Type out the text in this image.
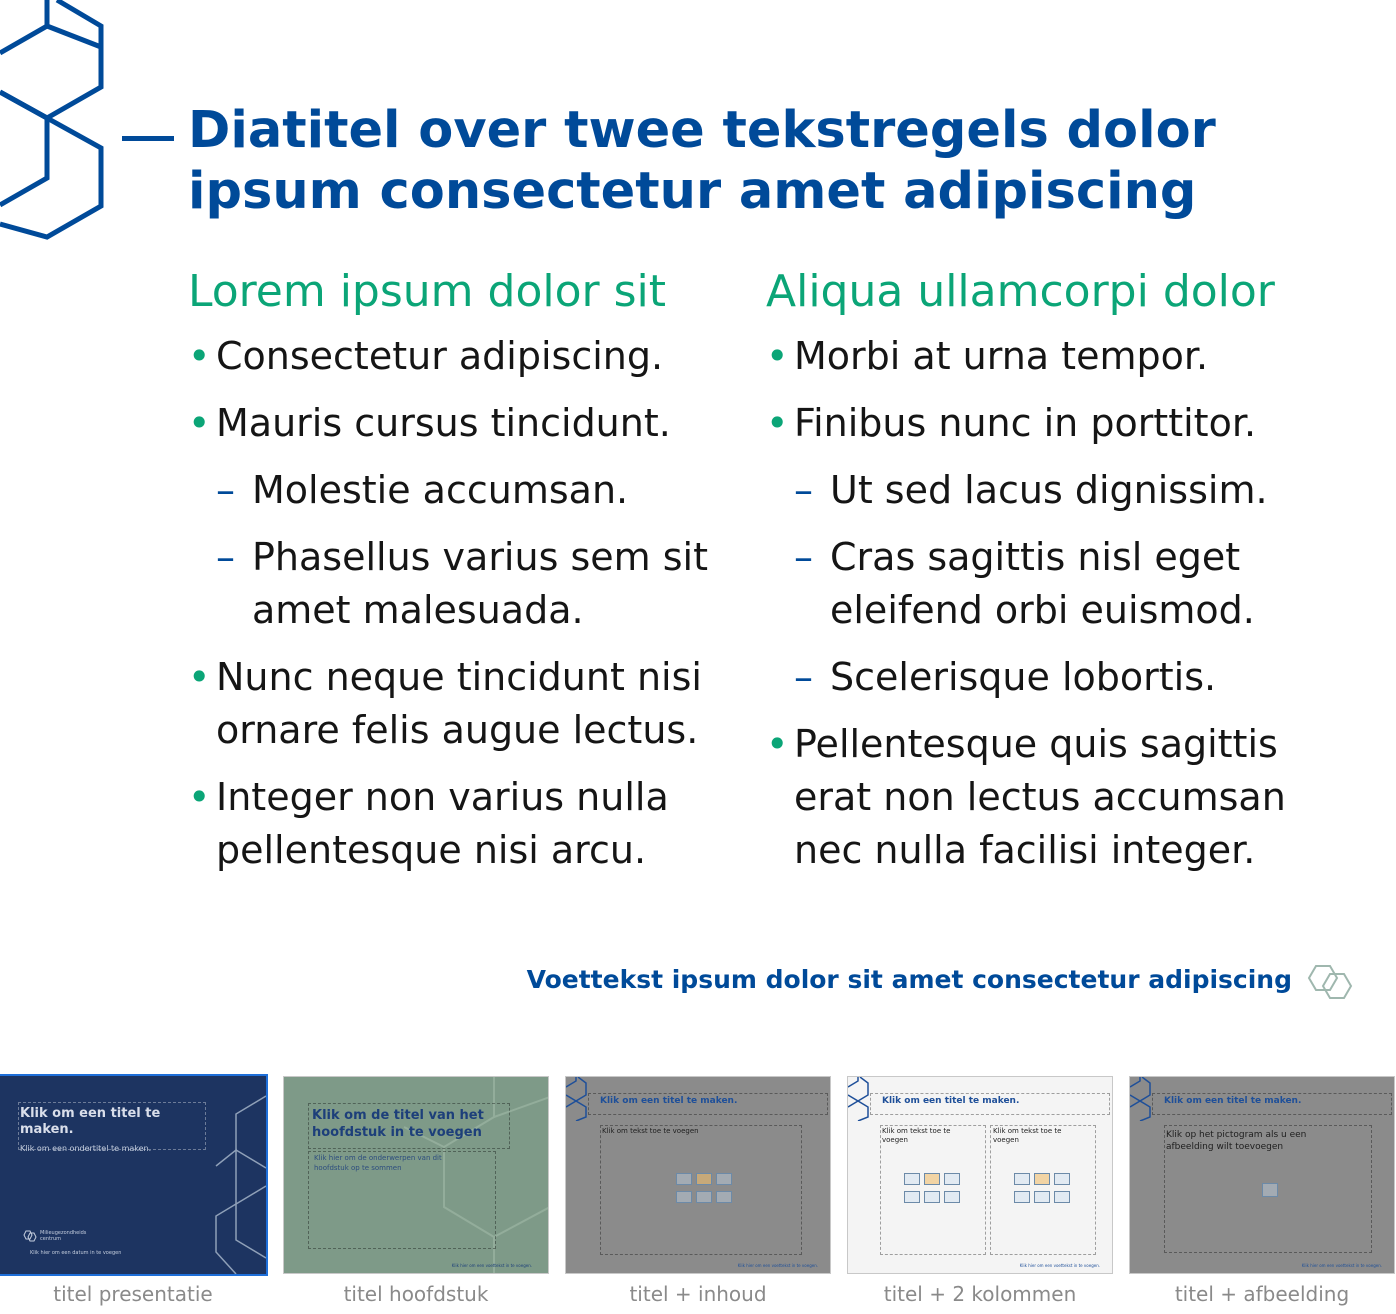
Diatitel over twee tekstregels dolor ipsum consectetur amet adipiscing
Lorem ipsum dolor sit
• Consectetur adipiscing.
• Mauris cursus tincidunt.
– Molestie accumsan.
– Phasellus varius sem sit amet malesuada.
• Nunc neque tincidunt nisi ornare felis augue lectus.
• Integer non varius nulla pellentesque nisi arcu.
Aliqua ullamcorpi dolor
• Morbi at urna tempor.
• Finibus nunc in porttitor.
– Ut sed lacus dignissim.
– Cras sagittis nisl eget eleifend orbi euismod.
– Scelerisque lobortis.
• Pellentesque quis sagittis erat non lectus accumsan nec nulla facilisi integer.

Voettekst ipsum dolor sit amet consectetur adipiscing

Klik om een titel te maken.
Klik om een ondertitel te maken.
Milieugezondheids
centrum
Klik hier om een datum in te voegen

titel presentatie

Klik om de titel van het hoofdstuk in te voegen
Klik hier om de onderwerpen van dit hoofdstuk op te sommen
Klik hier om een voettekst in te voegen.

titel hoofdstuk

Klik om een titel te maken.
Klik om tekst toe te voegen
Klik hier om een voettekst in te voegen.

titel + inhoud

Klik om een titel te maken.
Klik om tekst toe te voegen
Klik om tekst toe te voegen
Klik hier om een voettekst in te voegen.

titel + 2 kolommen

Klik om een titel te maken.
Klik op het pictogram als u een afbeelding wilt toevoegen
Klik hier om een voettekst in te voegen.

titel + afbeelding
